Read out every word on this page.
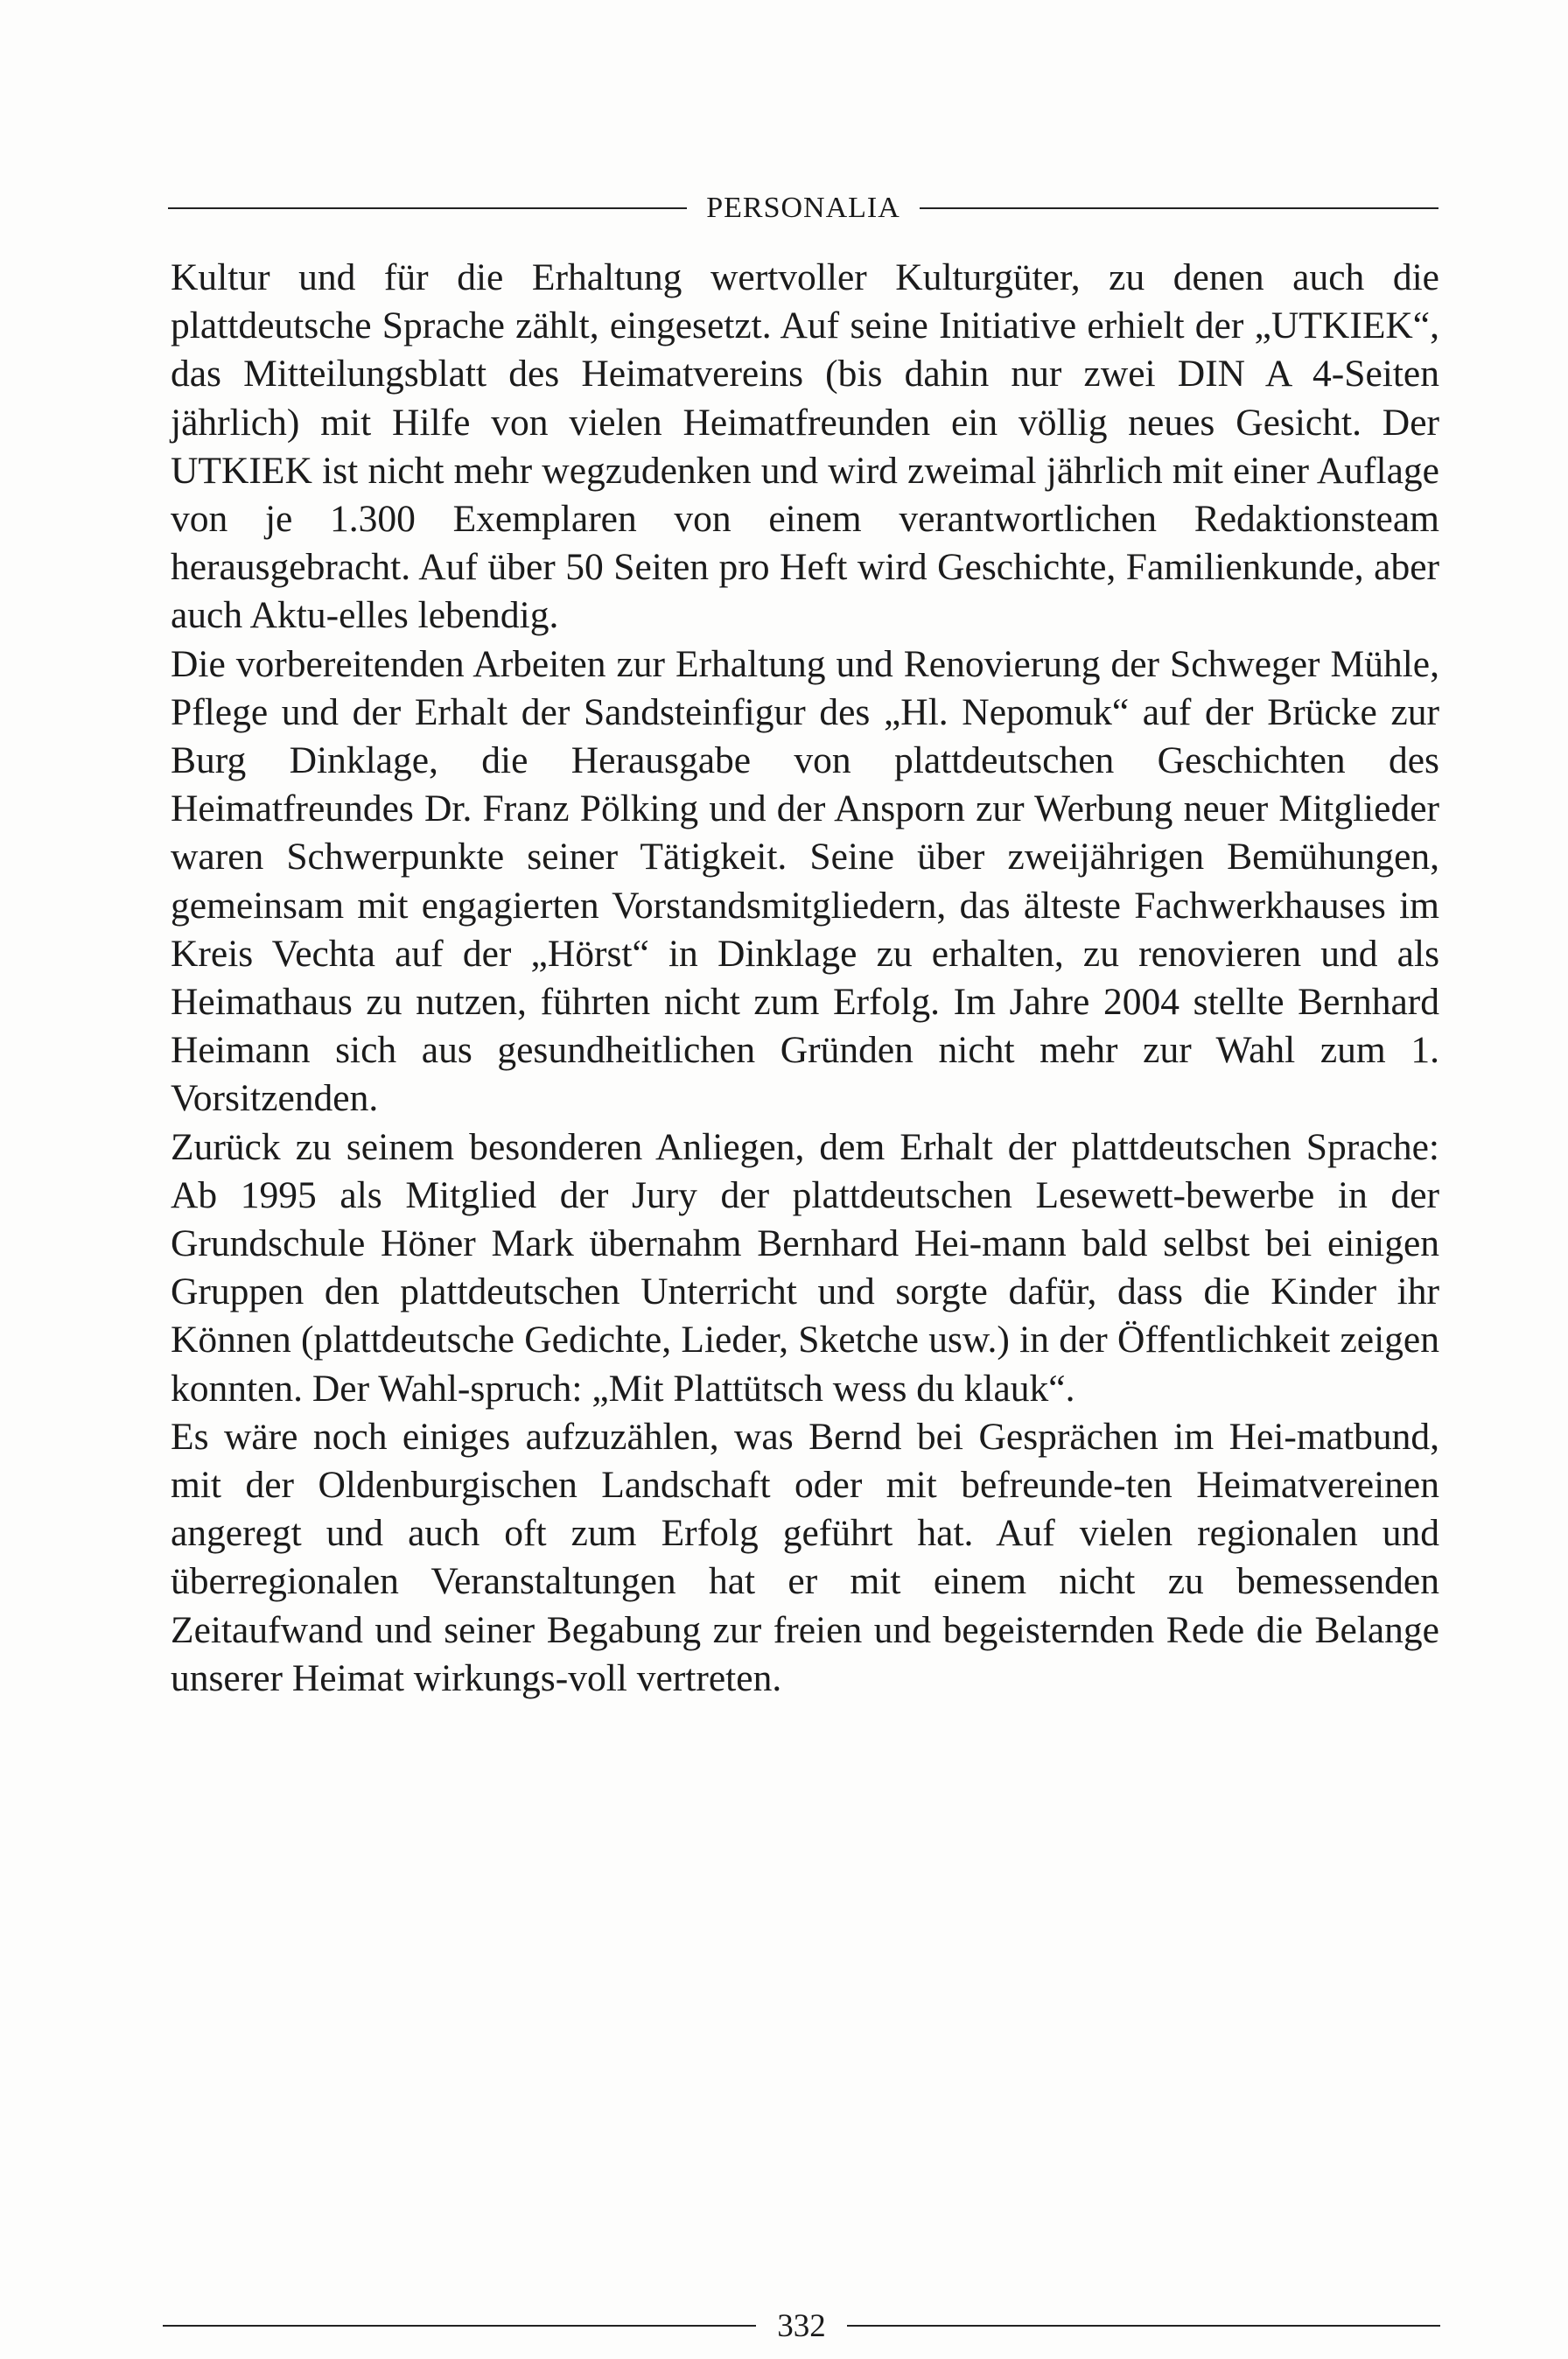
PERSONALIA

Kultur und für die Erhaltung wertvoller Kulturgüter, zu denen auch die plattdeutsche Sprache zählt, eingesetzt. Auf seine Initiative erhielt der „UTKIEK“, das Mitteilungsblatt des Heimatvereins (bis dahin nur zwei DIN A 4-Seiten jährlich) mit Hilfe von vielen Heimatfreunden ein völlig neues Gesicht. Der UTKIEK ist nicht mehr wegzudenken und wird zweimal jährlich mit einer Auflage von je 1.300 Exemplaren von einem verantwortlichen Redaktionsteam herausgebracht. Auf über 50 Seiten pro Heft wird Geschichte, Familienkunde, aber auch Aktu-elles lebendig.

Die vorbereitenden Arbeiten zur Erhaltung und Renovierung der Schweger Mühle, Pflege und der Erhalt der Sandsteinfigur des „Hl. Nepomuk“ auf der Brücke zur Burg Dinklage, die Herausgabe von plattdeutschen Geschichten des Heimatfreundes Dr. Franz Pölking und der Ansporn zur Werbung neuer Mitglieder waren Schwerpunkte seiner Tätigkeit. Seine über zweijährigen Bemühungen, gemeinsam mit engagierten Vorstandsmitgliedern, das älteste Fachwerkhauses im Kreis Vechta auf der „Hörst“ in Dinklage zu erhalten, zu renovieren und als Heimathaus zu nutzen, führten nicht zum Erfolg. Im Jahre 2004 stellte Bernhard Heimann sich aus gesundheitlichen Gründen nicht mehr zur Wahl zum 1. Vorsitzenden.

Zurück zu seinem besonderen Anliegen, dem Erhalt der plattdeutschen Sprache: Ab 1995 als Mitglied der Jury der plattdeutschen Lesewett-bewerbe in der Grundschule Höner Mark übernahm Bernhard Hei-mann bald selbst bei einigen Gruppen den plattdeutschen Unterricht und sorgte dafür, dass die Kinder ihr Können (plattdeutsche Gedichte, Lieder, Sketche usw.) in der Öffentlichkeit zeigen konnten. Der Wahl-spruch: „Mit Plattütsch wess du klauk“.

Es wäre noch einiges aufzuzählen, was Bernd bei Gesprächen im Hei-matbund, mit der Oldenburgischen Landschaft oder mit befreunde-ten Heimatvereinen angeregt und auch oft zum Erfolg geführt hat. Auf vielen regionalen und überregionalen Veranstaltungen hat er mit einem nicht zu bemessenden Zeitaufwand und seiner Begabung zur freien und begeisternden Rede die Belange unserer Heimat wirkungs-voll vertreten.

332
